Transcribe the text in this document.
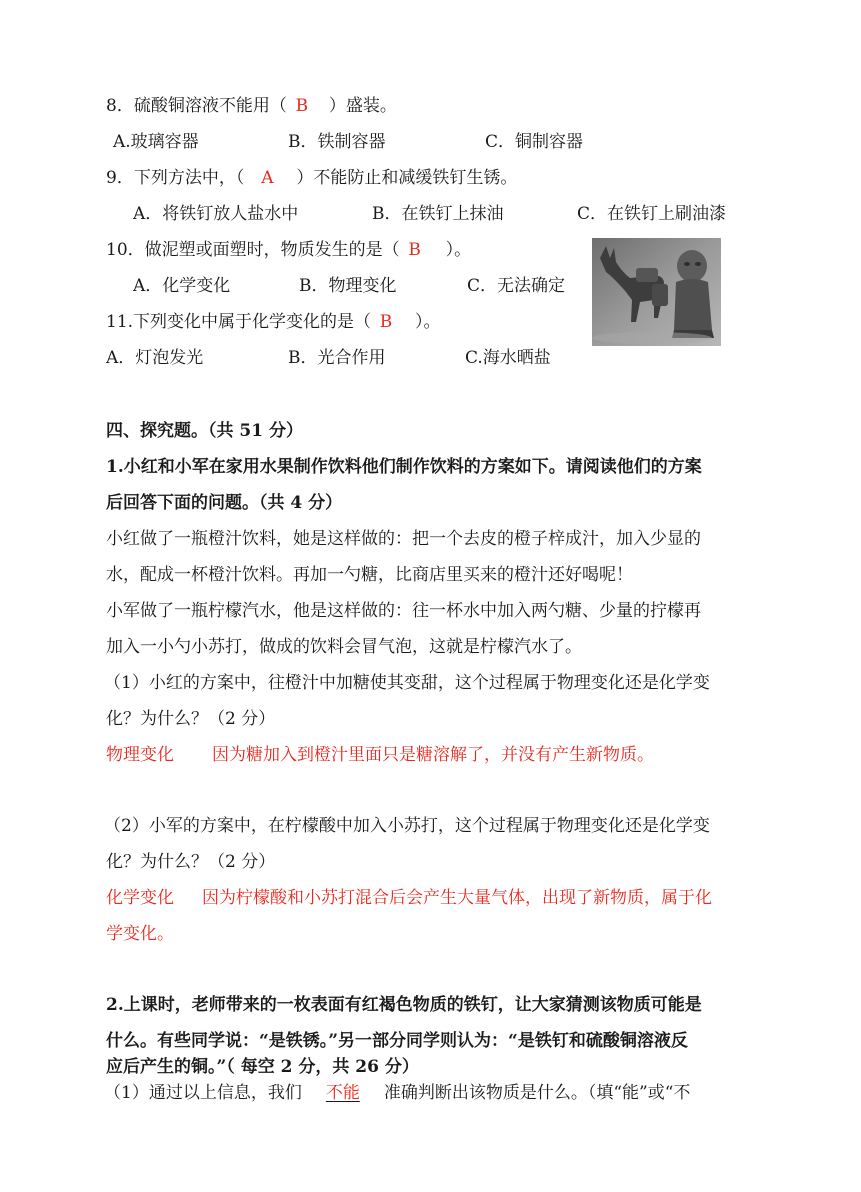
8．硫酸铜溶液不能用（ B ）盛装。
A.玻璃容器	B．铁制容器	C．铜制容器
9．下列方法中，（ A ）不能防止和减缓铁钉生锈。
A．将铁钉放人盐水中	B．在铁钉上抹油	C．在铁钉上刷油漆
10．做泥塑或面塑时，物质发生的是（ B ）。
A．化学变化	B．物理变化	C．无法确定
11.下列变化中属于化学变化的是（ B ）。
A．灯泡发光	B．光合作用	C.海水晒盐
四、探究题。（共 51 分）
1.小红和小军在家用水果制作饮料他们制作饮料的方案如下。请阅读他们的方案
后回答下面的问题。（共 4 分）
小红做了一瓶橙汁饮料，她是这样做的：把一个去皮的橙子梓成汁，加入少显的
水，配成一杯橙汁饮料。再加一勺糖，比商店里买来的橙汁还好喝呢！
小军做了一瓶柠檬汽水，他是这样做的：往一杯水中加入两勺糖、少量的拧檬再
加入一小勺小苏打，做成的饮料会冒气泡，这就是柠檬汽水了。
（1）小红的方案中，往橙汁中加糖使其变甜，这个过程属于物理变化还是化学变
化？为什么？（2 分）
物理变化 因为糖加入到橙汁里面只是糖溶解了，并没有产生新物质。
（2）小军的方案中，在柠檬酸中加入小苏打，这个过程属于物理变化还是化学变
化？为什么？（2 分）
化学变化 因为柠檬酸和小苏打混合后会产生大量气体，出现了新物质，属于化
学变化。
2.上课时，老师带来的一枚表面有红褐色物质的铁钉，让大家猜测该物质可能是
什么。有些同学说：“是铁锈。”另一部分同学则认为：“是铁钉和硫酸铜溶液反
应后产生的铜。”（ 每空 2 分，共 26 分）
（1）通过以上信息，我们 不能 准确判断出该物质是什么。（填“能”或“不
